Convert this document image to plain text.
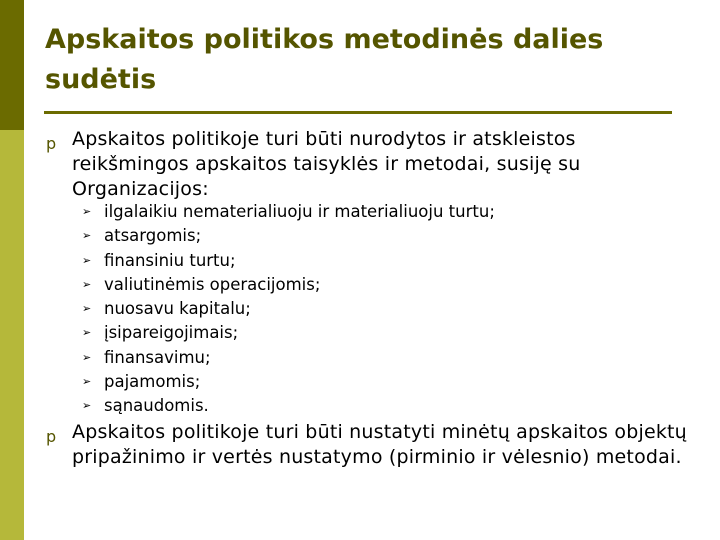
Apskaitos politikos metodinės dalies sudėtis
p Apskaitos politikoje turi būti nurodytos ir atskleistos reikšmingos apskaitos taisyklės ir metodai, susiję su Organizacijos:
➢ ilgalaikiu nematerialiuoju ir materialiuoju turtu;
➢ atsargomis;
➢ finansiniu turtu;
➢ valiutinėmis operacijomis;
➢ nuosavu kapitalu;
➢ įsipareigojimais;
➢ finansavimu;
➢ pajamomis;
➢ sąnaudomis.
p Apskaitos politikoje turi būti nustatyti minėtų apskaitos objektų pripažinimo ir vertės nustatymo (pirminio ir vėlesnio) metodai.
